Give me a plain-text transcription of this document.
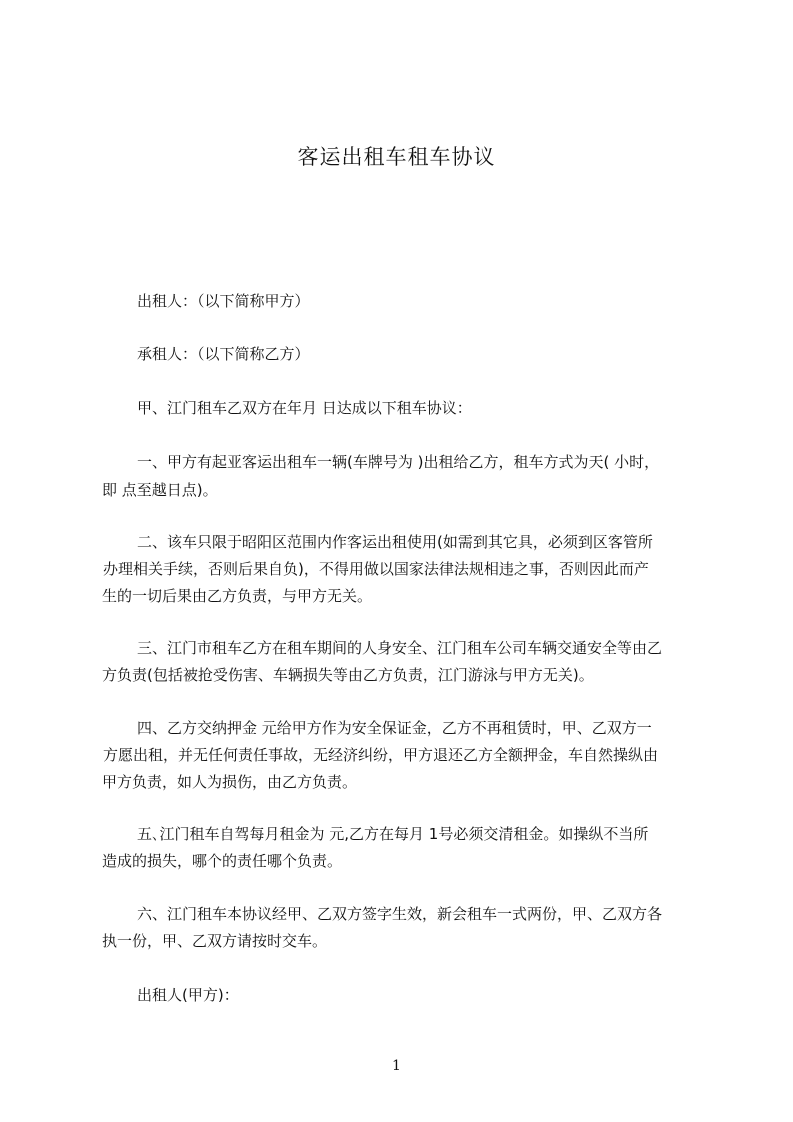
客运出租车租车协议
出租人：（以下简称甲方）
承租人：（以下简称乙方）
甲、江门租车乙双方在年月 日达成以下租车协议：
一、甲方有起亚客运出租车一辆(车牌号为 )出租给乙方，租车方式为天( 小时，
即 点至越日点)。
二、该车只限于昭阳区范围内作客运出租使用(如需到其它具，必须到区客管所
办理相关手续，否则后果自负)，不得用做以国家法律法规相违之事，否则因此而产
生的一切后果由乙方负责，与甲方无关。
三、江门市租车乙方在租车期间的人身安全、江门租车公司车辆交通安全等由乙
方负责(包括被抢受伤害、车辆损失等由乙方负责，江门游泳与甲方无关)。
四、乙方交纳押金 元给甲方作为安全保证金，乙方不再租赁时，甲、乙双方一
方愿出租，并无任何责任事故，无经济纠纷，甲方退还乙方全额押金，车自然操纵由
甲方负责，如人为损伤，由乙方负责。
五､江门租车自驾每月租金为 元,乙方在每月 1号必须交清租金。如操纵不当所
造成的损失，哪个的责任哪个负责。
六、江门租车本协议经甲、乙双方签字生效，新会租车一式两份，甲、乙双方各
执一份，甲、乙双方请按时交车。
出租人(甲方)：
1
